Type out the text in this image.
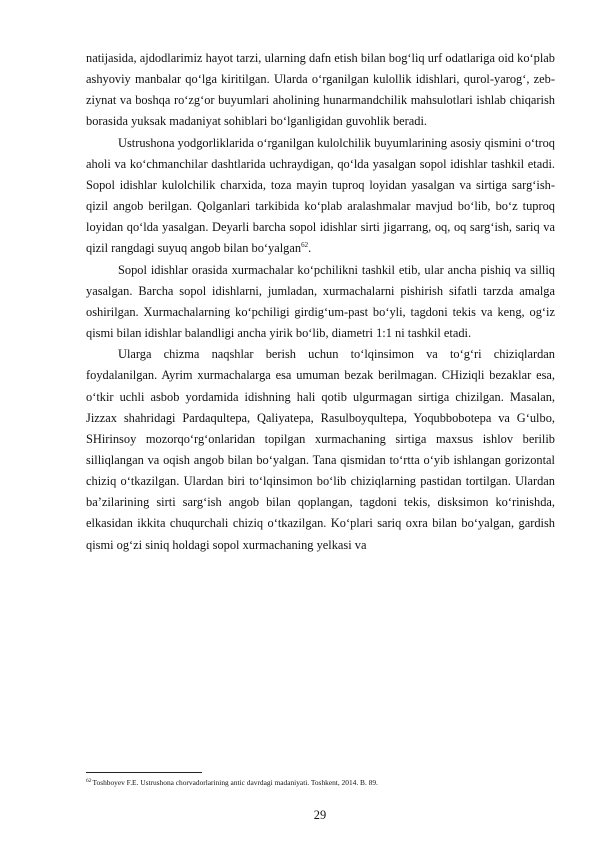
natijasida, ajdodlarimiz hayot tarzi, ularning dafn etish bilan bog‘liq urf odatlariga oid ko‘plab ashyoviy manbalar qo‘lga kiritilgan. Ularda o‘rganilgan kulollik idishlari, qurol-yarog‘, zeb-ziynat va boshqa ro‘zg‘or buyumlari aholining hunarmandchilik mahsulotlari ishlab chiqarish borasida yuksak madaniyat sohiblari bo‘lganligidan guvohlik beradi.

Ustrushona yodgorliklarida o‘rganilgan kulolchilik buyumlarining asosiy qismini o‘troq aholi va ko‘chmanchilar dashtlarida uchraydigan, qo‘lda yasalgan sopol idishlar tashkil etadi. Sopol idishlar kulolchilik charxida, toza mayin tuproq loyidan yasalgan va sirtiga sarg‘ish-qizil angob berilgan. Qolganlari tarkibida ko‘plab aralashmalar mavjud bo‘lib, bo‘z tuproq loyidan qo‘lda yasalgan. Deyarli barcha sopol idishlar sirti jigarrang, oq, oq sarg‘ish, sariq va qizil rangdagi suyuq angob bilan bo‘yalgan$^{62}$.

Sopol idishlar orasida xurmachalar ko‘pchilikni tashkil etib, ular ancha pishiq va silliq yasalgan. Barcha sopol idishlarni, jumladan, xurmachalarni pishirish sifatli tarzda amalga oshirilgan. Xurmachalarning ko‘pchiligi girdig‘um-past bo‘yli, tagdoni tekis va keng, og‘iz qismi bilan idishlar balandligi ancha yirik bo‘lib, diametri 1:1 ni tashkil etadi.

Ularga chizma naqshlar berish uchun to‘lqinsimon va to‘g‘ri chiziqlardan foydalanilgan. Ayrim xurmachalarga esa umuman bezak berilmagan. CHiziqli bezaklar esa, o‘tkir uchli asbob yordamida idishning hali qotib ulgurmagan sirtiga chizilgan. Masalan, Jizzax shahridagi Pardaqultepa, Qaliyatepa, Rasulboyqultepa, Yoqubbobotepa va G‘ulbo, SHirinsoy mozorqo‘rg‘onlaridan topilgan xurmachaning sirtiga maxsus ishlov berilib silliqlangan va oqish angob bilan bo‘yalgan. Tana qismidan to‘rtta o‘yib ishlangan gorizontal chiziq o‘tkazilgan. Ulardan biri to‘lqinsimon bo‘lib chiziqlarning pastidan tortilgan. Ulardan ba’zilarining sirti sarg‘ish angob bilan qoplangan, tagdoni tekis, disksimon ko‘rinishda, elkasidan ikkita chuqurchali chiziq o‘tkazilgan. Ko‘plari sariq oxra bilan bo‘yalgan, gardish qismi og‘zi siniq holdagi sopol xurmachaning yelkasi va

$^{62}$Toshboyev F.E. Ustrushona chorvadorlarining antic davrdagi madaniyati. Toshkent, 2014. B. 89.
29
